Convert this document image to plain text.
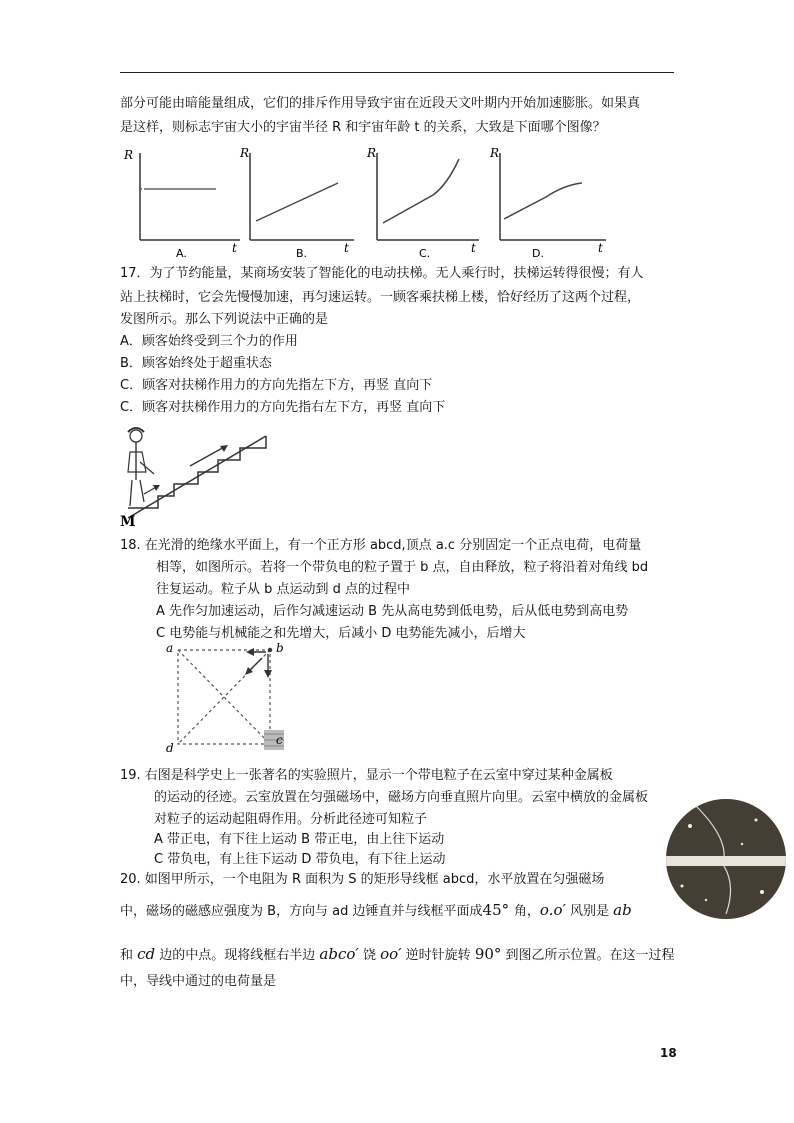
部分可能由暗能量组成，它们的排斥作用导致宇宙在近段天文叶期内开始加速膨胀。如果真
是这样，则标志宇宙大小的宇宙半径 R 和宇宙年龄 t 的关系，大致是下面哪个图像？
R
t
A.
R
t
B.
R
t
C.
R
t
D.
17．为了节约能量，某商场安装了智能化的电动扶梯。无人乘行时，扶梯运转得很慢；有人
站上扶梯时，它会先慢慢加速，再匀速运转。一顾客乘扶梯上楼，恰好经历了这两个过程，
发图所示。那么下列说法中正确的是
A．顾客始终受到三个力的作用
B．顾客始终处于超重状态
C．顾客对扶梯作用力的方向先指左下方，再竖 直向下
C．顾客对扶梯作用力的方向先指右左下方，再竖 直向下
M
18. 在光滑的绝缘水平面上，有一个正方形 abcd,顶点 a.c 分别固定一个正点电荷，电荷量
相等，如图所示。若将一个带负电的粒子置于 b 点，自由释放，粒子将沿着对角线 bd
往复运动。粒子从 b 点运动到 d 点的过程中
A 先作匀加速运动，后作匀减速运动 B 先从高电势到低电势，后从低电势到高电势
C 电势能与机械能之和先增大，后减小 D 电势能先减小，后增大
a	b
c
d
19. 右图是科学史上一张著名的实验照片，显示一个带电粒子在云室中穿过某种金属板
的运动的径迹。云室放置在匀强磁场中，磁场方向垂直照片向里。云室中横放的金属板
对粒子的运动起阻碍作用。分析此径迹可知粒子
A 带正电，有下往上运动 B 带正电，由上往下运动
C 带负电，有上往下运动 D 带负电，有下往上运动
20. 如图甲所示，一个电阻为 R 面积为 S 的矩形导线框 abcd，水平放置在匀强磁场
中，磁场的磁感应强度为 B，方向与 ad 边锤直并与线框平面成45° 角，o.o′ 风别是 ab
和 cd 边的中点。现将线框右半边 abco′ 饶 oo′ 逆时针旋转 90° 到图乙所示位置。在这一过程
中，导线中通过的电荷量是
18
